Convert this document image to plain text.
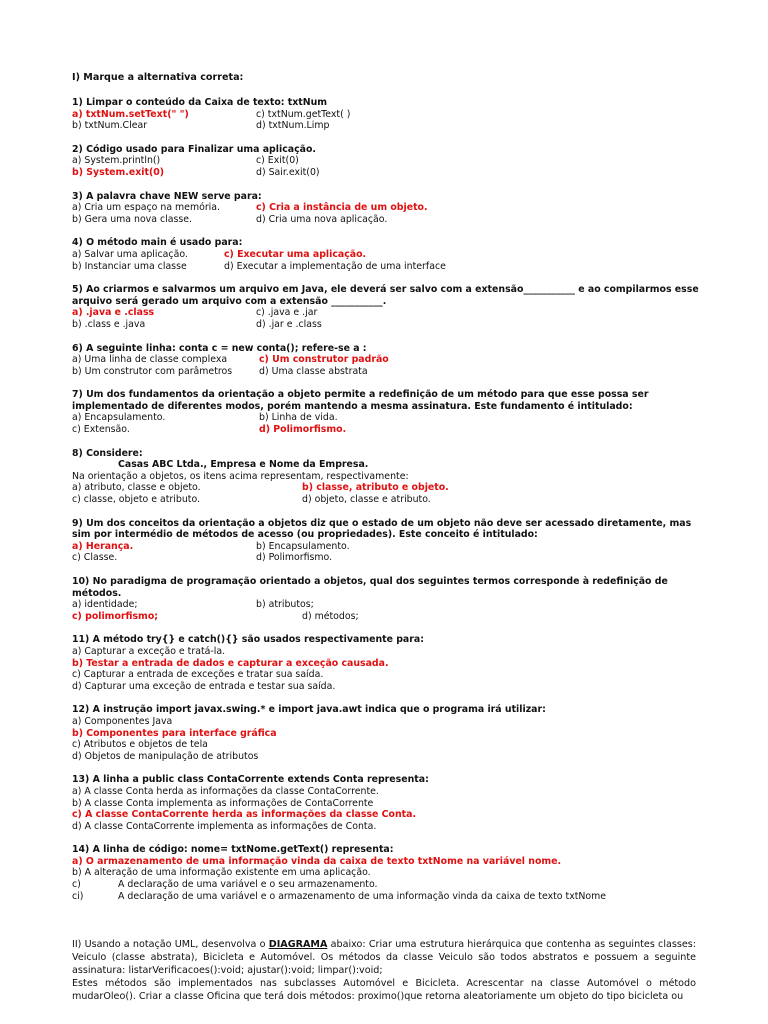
I) Marque a alternativa correta:
1) Limpar o conteúdo da Caixa de texto: txtNum
a) txtNum.setText(" ")	c) txtNum.getText( )
b) txtNum.Clear	d) txtNum.Limp
2) Código usado para Finalizar uma aplicação.
a) System.println()	c) Exit(0)
b) System.exit(0)	d) Sair.exit(0)
3) A palavra chave NEW serve para:
a) Cria um espaço na memória.	c) Cria a instância de um objeto.
b) Gera uma nova classe.	d) Cria uma nova aplicação.
4) O método main é usado para:
a) Salvar uma aplicação.	c) Executar uma aplicação.
b) Instanciar uma classe	d) Executar a implementação de uma interface
5) Ao criarmos e salvarmos um arquivo em Java, ele deverá ser salvo com a extensão___________ e ao compilarmos esse arquivo será gerado um arquivo com a extensão ___________.
a) .java e .class	c) .java e .jar
b) .class e .java	d) .jar e .class
6) A seguinte linha: conta c = new conta(); refere-se a :
a) Uma linha de classe complexa	c) Um construtor padrão
b) Um construtor com parâmetros	d) Uma classe abstrata
7) Um dos fundamentos da orientação a objeto permite a redefinição de um método para que esse possa ser implementado de diferentes modos, porém mantendo a mesma assinatura. Este fundamento é intitulado:
a) Encapsulamento.	b) Linha de vida.
c) Extensão.	d) Polimorfismo.
8) Considere:
Casas ABC Ltda., Empresa e Nome da Empresa.
Na orientação a objetos, os itens acima representam, respectivamente:
a) atributo, classe e objeto.	b) classe, atributo e objeto.
c) classe, objeto e atributo.	d) objeto, classe e atributo.
9) Um dos conceitos da orientação a objetos diz que o estado de um objeto não deve ser acessado diretamente, mas sim por intermédio de métodos de acesso (ou propriedades). Este conceito é intitulado:
a) Herança.	b) Encapsulamento.
c) Classe.	d) Polimorfismo.
10) No paradigma de programação orientado a objetos, qual dos seguintes termos corresponde à redefinição de métodos.
a) identidade;	b) atributos;
c) polimorfismo;	d) métodos;
11) A método try{} e catch(){} são usados respectivamente para:
a) Capturar a exceção e tratá-la.
b) Testar a entrada de dados e capturar a exceção causada.
c) Capturar a entrada de exceções e tratar sua saída.
d) Capturar uma exceção de entrada e testar sua saída.
12) A instrução import javax.swing.* e import java.awt indica que o programa irá utilizar:
a) Componentes Java
b) Componentes para interface gráfica
c) Atributos e objetos de tela
d) Objetos de manipulação de atributos
13) A linha a public class ContaCorrente extends Conta representa:
a) A classe Conta herda as informações da classe ContaCorrente.
b) A classe Conta implementa as informações de ContaCorrente
c) A classe ContaCorrente herda as informações da classe Conta.
d) A classe ContaCorrente implementa as informações de Conta.
14) A linha de código: nome= txtNome.getText() representa:
a) O armazenamento de uma informação vinda da caixa de texto txtNome na variável nome.
b) A alteração de uma informação existente em uma aplicação.
c)	A declaração de uma variável e o seu armazenamento.
ci)	A declaração de uma variável e o armazenamento de uma informação vinda da caixa de texto txtNome
II) Usando a notação UML, desenvolva o DIAGRAMA abaixo: Criar uma estrutura hierárquica que contenha as seguintes classes: Veiculo (classe abstrata), Bicicleta e Automóvel. Os métodos da classe Veiculo são todos abstratos e possuem a seguinte assinatura: listarVerificacoes():void; ajustar():void; limpar():void;
Estes métodos são implementados nas subclasses Automóvel e Bicicleta. Acrescentar na classe Automóvel o método mudarOleo(). Criar a classe Oficina que terá dois métodos: proximo()que retorna aleatoriamente um objeto do tipo bicicleta ou
